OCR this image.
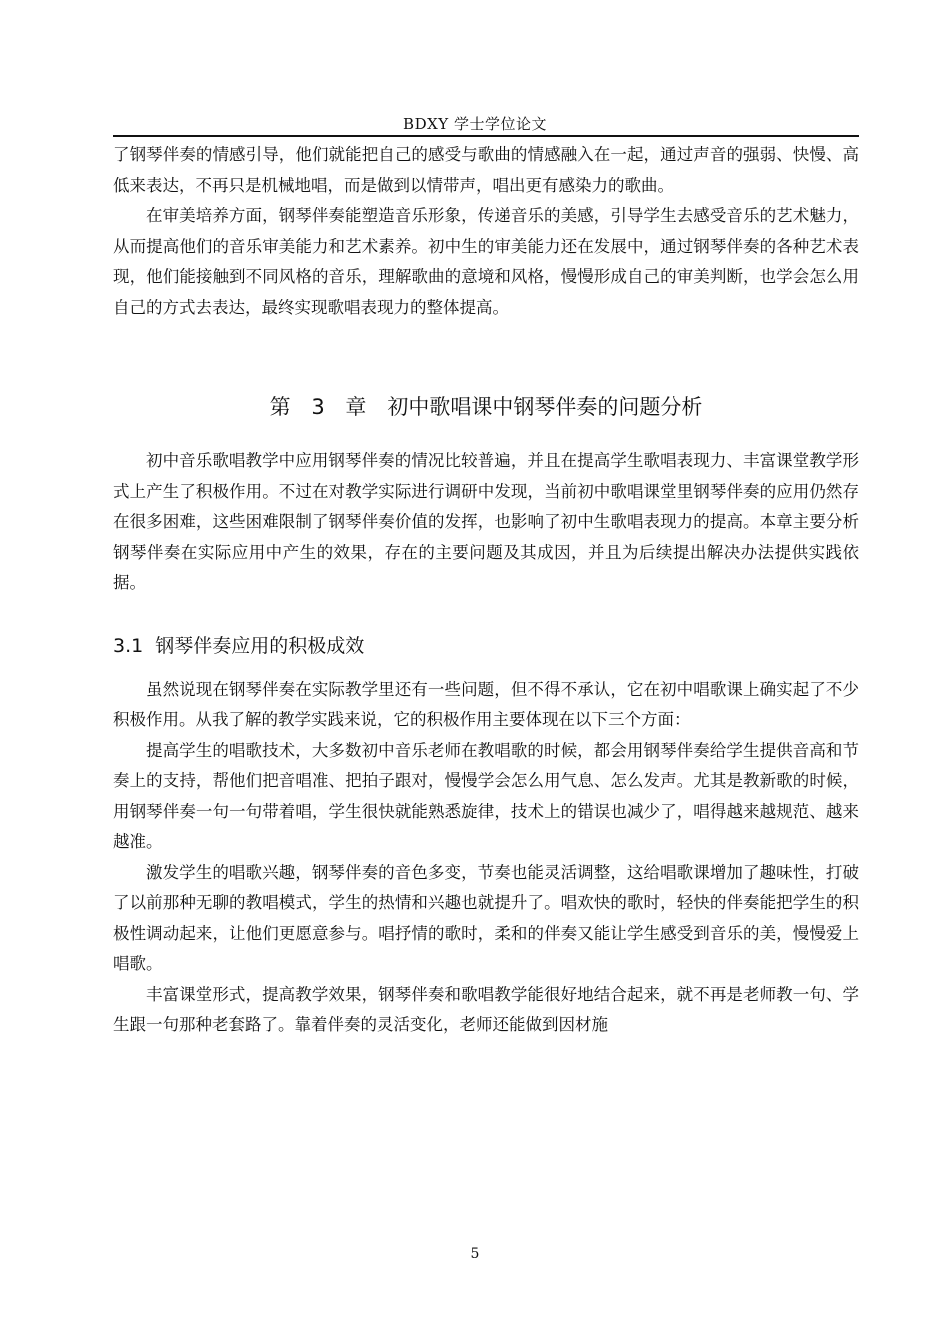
BDXY 学士学位论文

了钢琴伴奏的情感引导，他们就能把自己的感受与歌曲的情感融入在一起，通过声音的强弱、快慢、高低来表达，不再只是机械地唱，而是做到以情带声，唱出更有感染力的歌曲。

在审美培养方面，钢琴伴奏能塑造音乐形象，传递音乐的美感，引导学生去感受音乐的艺术魅力，从而提高他们的音乐审美能力和艺术素养。初中生的审美能力还在发展中，通过钢琴伴奏的各种艺术表现，他们能接触到不同风格的音乐，理解歌曲的意境和风格，慢慢形成自己的审美判断，也学会怎么用自己的方式去表达，最终实现歌唱表现力的整体提高。

第 3 章　初中歌唱课中钢琴伴奏的问题分析

初中音乐歌唱教学中应用钢琴伴奏的情况比较普遍，并且在提高学生歌唱表现力、丰富课堂教学形式上产生了积极作用。不过在对教学实际进行调研中发现，当前初中歌唱课堂里钢琴伴奏的应用仍然存在很多困难，这些困难限制了钢琴伴奏价值的发挥，也影响了初中生歌唱表现力的提高。本章主要分析钢琴伴奏在实际应用中产生的效果，存在的主要问题及其成因，并且为后续提出解决办法提供实践依据。

3.1 钢琴伴奏应用的积极成效

虽然说现在钢琴伴奏在实际教学里还有一些问题，但不得不承认，它在初中唱歌课上确实起了不少积极作用。从我了解的教学实践来说，它的积极作用主要体现在以下三个方面：

提高学生的唱歌技术，大多数初中音乐老师在教唱歌的时候，都会用钢琴伴奏给学生提供音高和节奏上的支持，帮他们把音唱准、把拍子跟对，慢慢学会怎么用气息、怎么发声。尤其是教新歌的时候，用钢琴伴奏一句一句带着唱，学生很快就能熟悉旋律，技术上的错误也减少了，唱得越来越规范、越来越准。

激发学生的唱歌兴趣，钢琴伴奏的音色多变，节奏也能灵活调整，这给唱歌课增加了趣味性，打破了以前那种无聊的教唱模式，学生的热情和兴趣也就提升了。唱欢快的歌时，轻快的伴奏能把学生的积极性调动起来，让他们更愿意参与。唱抒情的歌时，柔和的伴奏又能让学生感受到音乐的美，慢慢爱上唱歌。

丰富课堂形式，提高教学效果，钢琴伴奏和歌唱教学能很好地结合起来，就不再是老师教一句、学生跟一句那种老套路了。靠着伴奏的灵活变化，老师还能做到因材施

5
